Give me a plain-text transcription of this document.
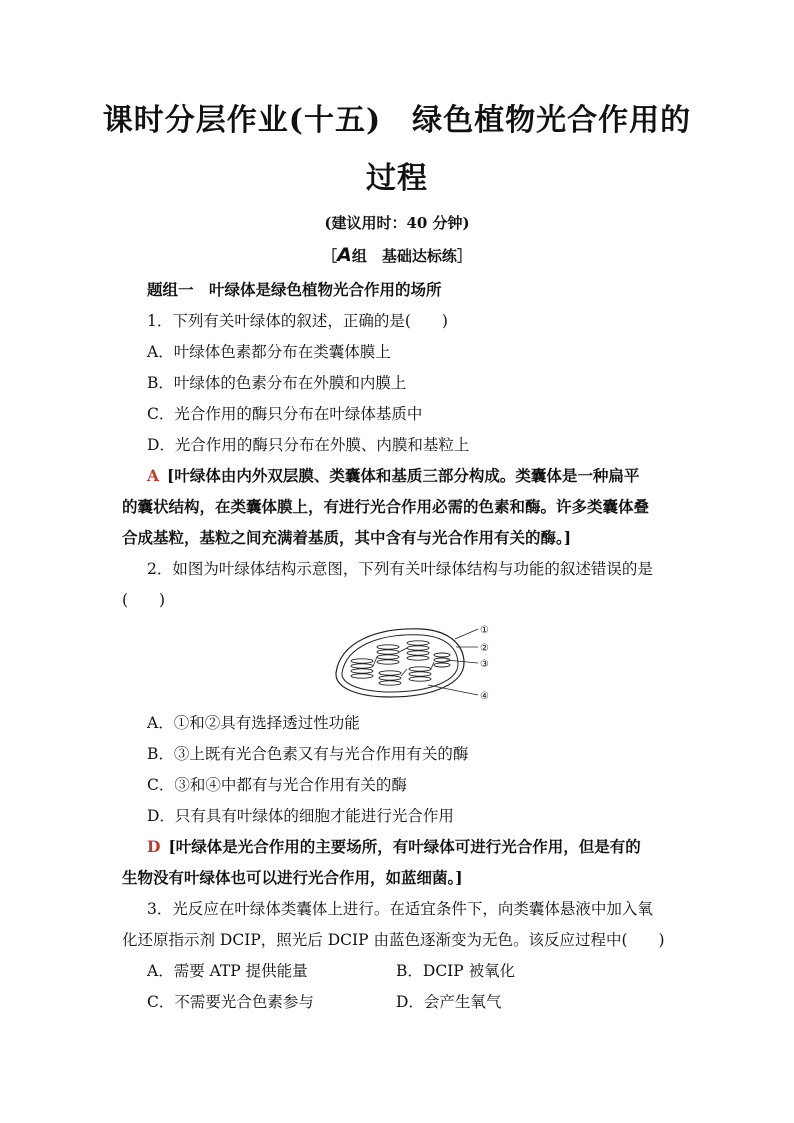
课时分层作业(十五)　绿色植物光合作用的
过程
(建议用时：40 分钟)
［A组　基础达标练］
题组一　叶绿体是绿色植物光合作用的场所
1．下列有关叶绿体的叙述，正确的是(　　)
A．叶绿体色素都分布在类囊体膜上
B．叶绿体的色素分布在外膜和内膜上
C．光合作用的酶只分布在叶绿体基质中
D．光合作用的酶只分布在外膜、内膜和基粒上
A [叶绿体由内外双层膜、类囊体和基质三部分构成。类囊体是一种扁平
的囊状结构，在类囊体膜上，有进行光合作用必需的色素和酶。许多类囊体叠
合成基粒，基粒之间充满着基质，其中含有与光合作用有关的酶。]
2．如图为叶绿体结构示意图，下列有关叶绿体结构与功能的叙述错误的是
(　　)
①
②
③
④
A．①和②具有选择透过性功能
B．③上既有光合色素又有与光合作用有关的酶
C．③和④中都有与光合作用有关的酶
D．只有具有叶绿体的细胞才能进行光合作用
D [叶绿体是光合作用的主要场所，有叶绿体可进行光合作用，但是有的
生物没有叶绿体也可以进行光合作用，如蓝细菌。]
3．光反应在叶绿体类囊体上进行。在适宜条件下，向类囊体悬液中加入氧
化还原指示剂 DCIP，照光后 DCIP 由蓝色逐渐变为无色。该反应过程中(　　)
A．需要 ATP 提供能量	B．DCIP 被氧化
C．不需要光合色素参与	D．会产生氧气
